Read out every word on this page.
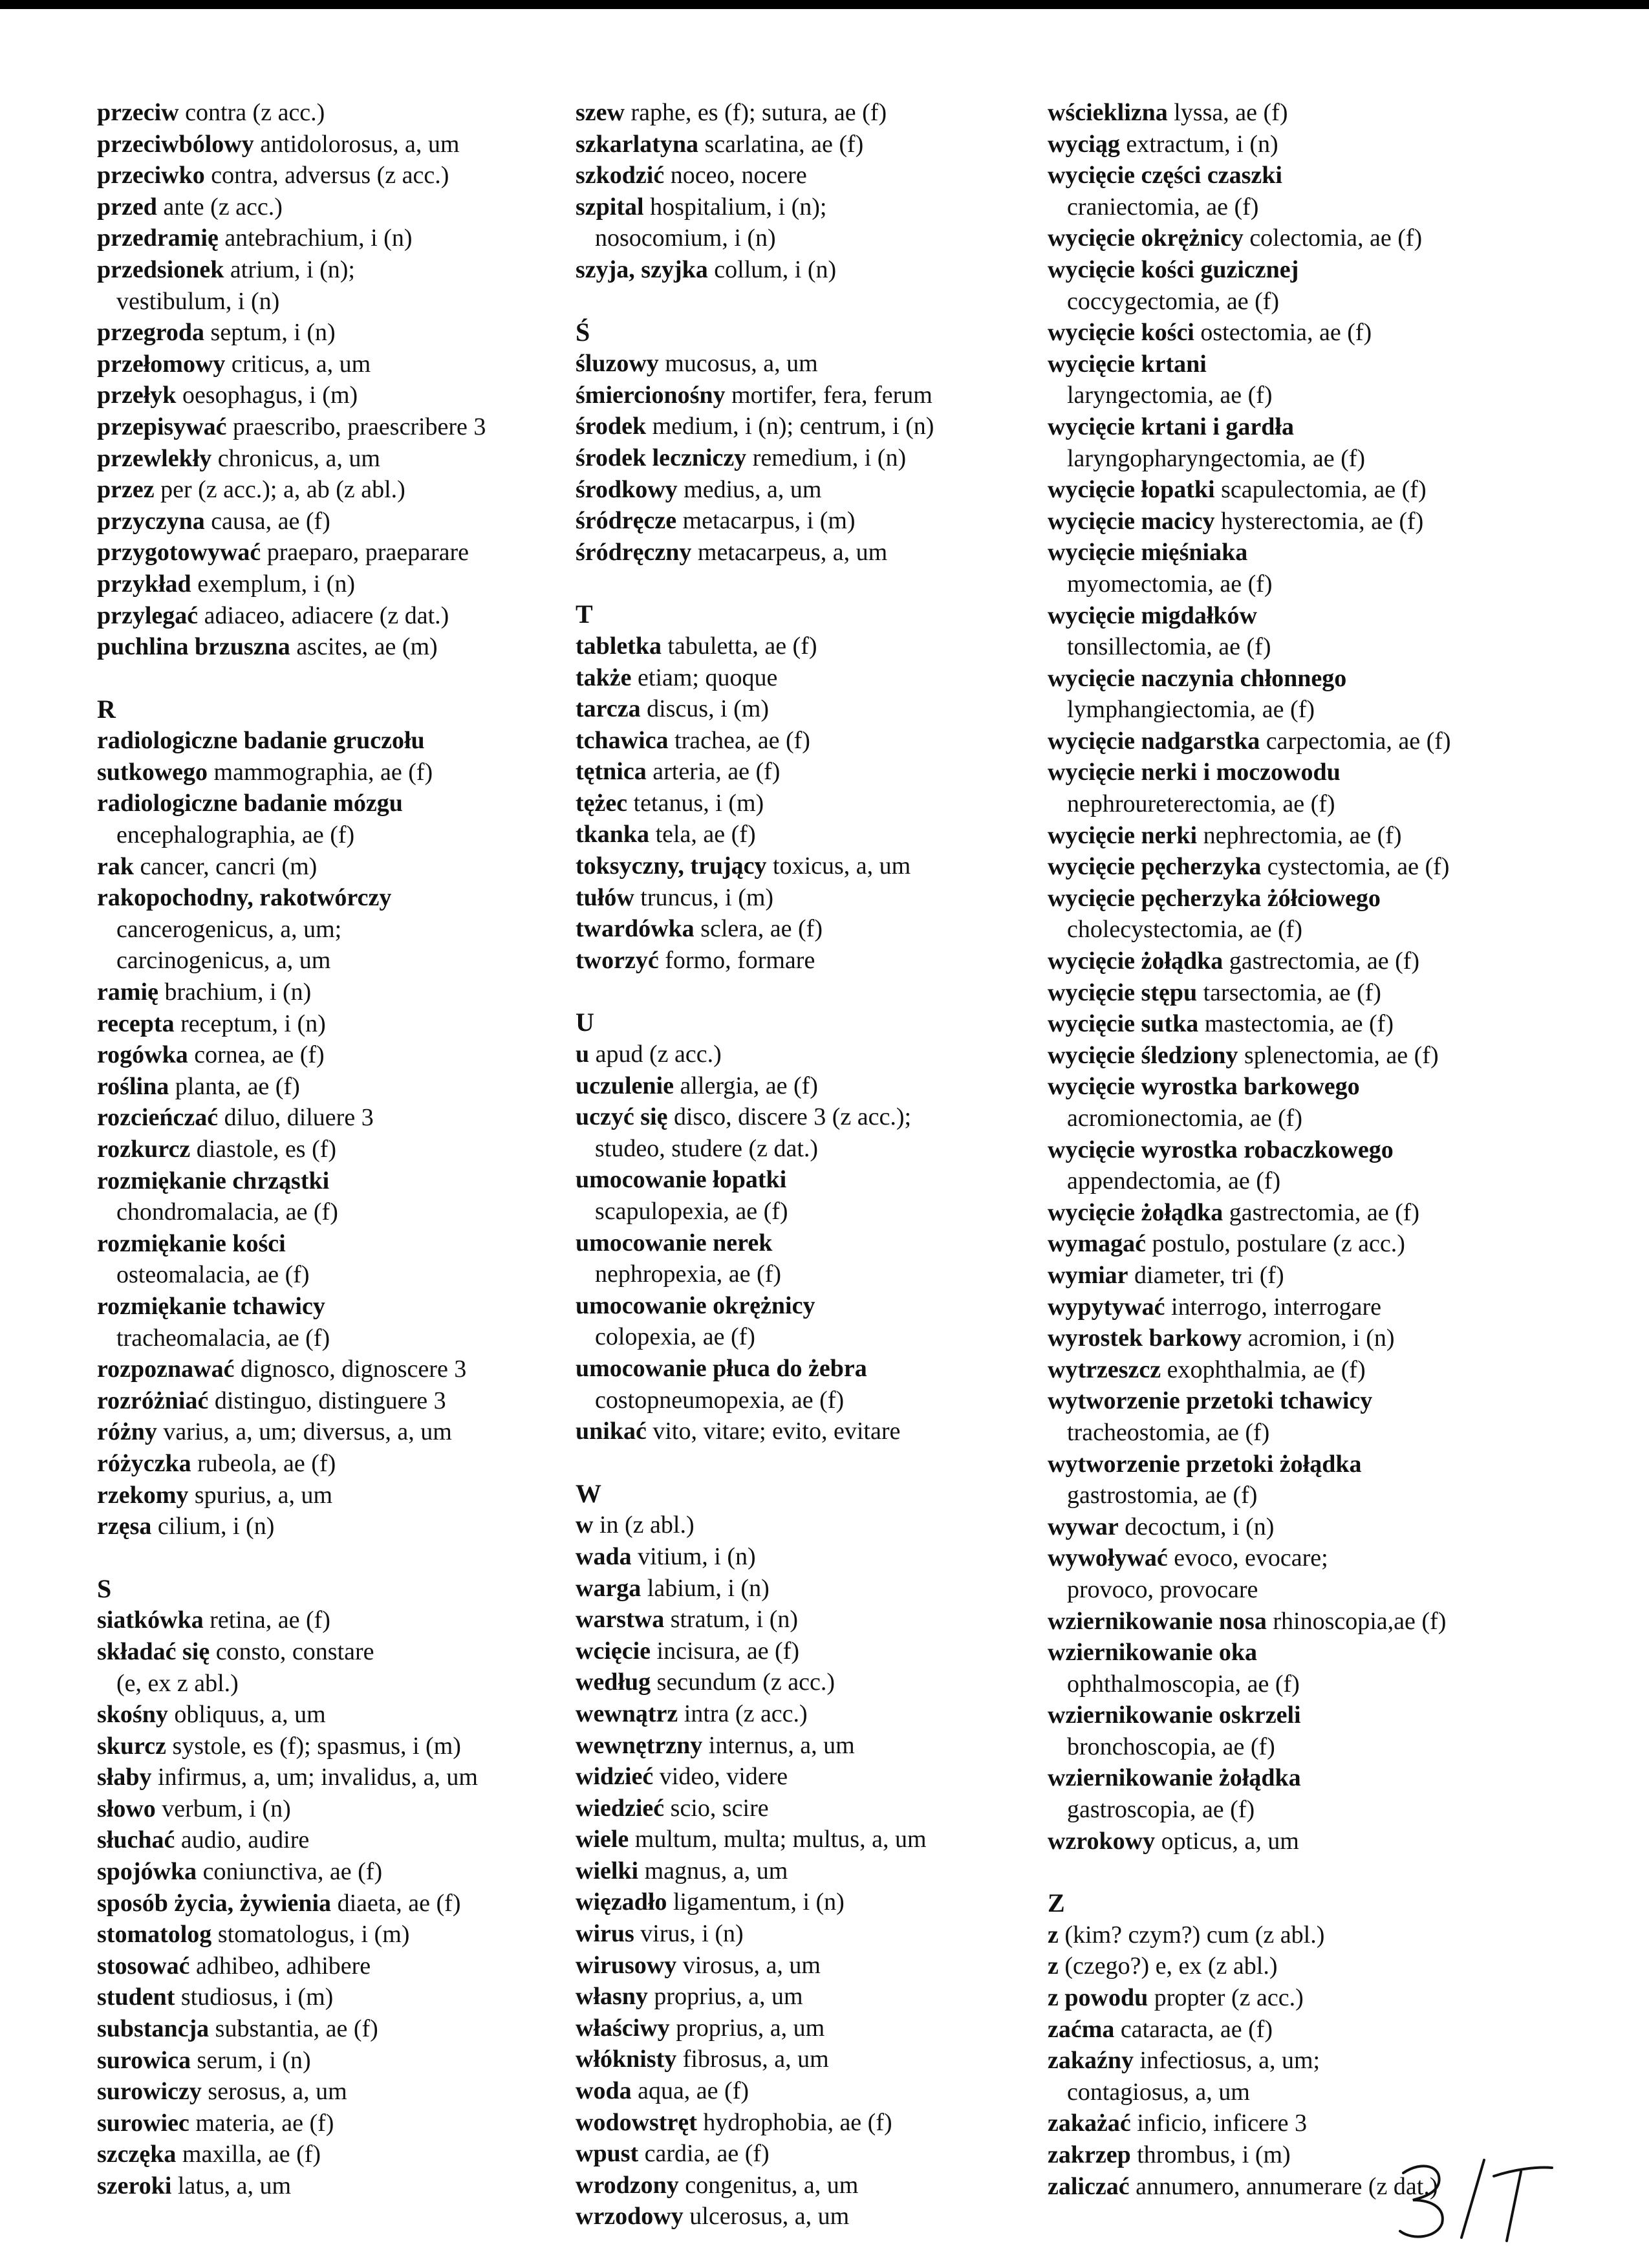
przeciw contra (z acc.)
przeciwbólowy antidolorosus, a, um
przeciwko contra, adversus (z acc.)
przed ante (z acc.)
przedramię antebrachium, i (n)
przedsionek atrium, i (n);
vestibulum, i (n)
przegroda septum, i (n)
przełomowy criticus, a, um
przełyk oesophagus, i (m)
przepisywać praescribo, praescribere 3
przewlekły chronicus, a, um
przez per (z acc.); a, ab (z abl.)
przyczyna causa, ae (f)
przygotowywać praeparo, praeparare
przykład exemplum, i (n)
przylegać adiaceo, adiacere (z dat.)
puchlina brzuszna ascites, ae (m)
R
radiologiczne badanie gruczołu
sutkowego mammographia, ae (f)
radiologiczne badanie mózgu
encephalographia, ae (f)
rak cancer, cancri (m)
rakopochodny, rakotwórczy
cancerogenicus, a, um;
carcinogenicus, a, um
ramię brachium, i (n)
recepta receptum, i (n)
rogówka cornea, ae (f)
roślina planta, ae (f)
rozcieńczać diluo, diluere 3
rozkurcz diastole, es (f)
rozmiękanie chrząstki
chondromalacia, ae (f)
rozmiękanie kości
osteomalacia, ae (f)
rozmiękanie tchawicy
tracheomalacia, ae (f)
rozpoznawać dignosco, dignoscere 3
rozróżniać distinguo, distinguere 3
różny varius, a, um; diversus, a, um
różyczka rubeola, ae (f)
rzekomy spurius, a, um
rzęsa cilium, i (n)
S
siatkówka retina, ae (f)
składać się consto, constare
(e, ex z abl.)
skośny obliquus, a, um
skurcz systole, es (f); spasmus, i (m)
słaby infirmus, a, um; invalidus, a, um
słowo verbum, i (n)
słuchać audio, audire
spojówka coniunctiva, ae (f)
sposób życia, żywienia diaeta, ae (f)
stomatolog stomatologus, i (m)
stosować adhibeo, adhibere
student studiosus, i (m)
substancja substantia, ae (f)
surowica serum, i (n)
surowiczy serosus, a, um
surowiec materia, ae (f)
szczęka maxilla, ae (f)
szeroki latus, a, um
szew raphe, es (f); sutura, ae (f)
szkarlatyna scarlatina, ae (f)
szkodzić noceo, nocere
szpital hospitalium, i (n);
nosocomium, i (n)
szyja, szyjka collum, i (n)
Ś
śluzowy mucosus, a, um
śmiercionośny mortifer, fera, ferum
środek medium, i (n); centrum, i (n)
środek leczniczy remedium, i (n)
środkowy medius, a, um
śródręcze metacarpus, i (m)
śródręczny metacarpeus, a, um
T
tabletka tabuletta, ae (f)
także etiam; quoque
tarcza discus, i (m)
tchawica trachea, ae (f)
tętnica arteria, ae (f)
tężec tetanus, i (m)
tkanka tela, ae (f)
toksyczny, trujący toxicus, a, um
tułów truncus, i (m)
twardówka sclera, ae (f)
tworzyć formo, formare
U
u apud (z acc.)
uczulenie allergia, ae (f)
uczyć się disco, discere 3 (z acc.);
studeo, studere (z dat.)
umocowanie łopatki
scapulopexia, ae (f)
umocowanie nerek
nephropexia, ae (f)
umocowanie okrężnicy
colopexia, ae (f)
umocowanie płuca do żebra
costopneumopexia, ae (f)
unikać vito, vitare; evito, evitare
W
w in (z abl.)
wada vitium, i (n)
warga labium, i (n)
warstwa stratum, i (n)
wcięcie incisura, ae (f)
według secundum (z acc.)
wewnątrz intra (z acc.)
wewnętrzny internus, a, um
widzieć video, videre
wiedzieć scio, scire
wiele multum, multa; multus, a, um
wielki magnus, a, um
więzadło ligamentum, i (n)
wirus virus, i (n)
wirusowy virosus, a, um
własny proprius, a, um
właściwy proprius, a, um
włóknisty fibrosus, a, um
woda aqua, ae (f)
wodowstręt hydrophobia, ae (f)
wpust cardia, ae (f)
wrodzony congenitus, a, um
wrzodowy ulcerosus, a, um
wścieklizna lyssa, ae (f)
wyciąg extractum, i (n)
wycięcie części czaszki
craniectomia, ae (f)
wycięcie okrężnicy colectomia, ae (f)
wycięcie kości guzicznej
coccygectomia, ae (f)
wycięcie kości ostectomia, ae (f)
wycięcie krtani
laryngectomia, ae (f)
wycięcie krtani i gardła
laryngopharyngectomia, ae (f)
wycięcie łopatki scapulectomia, ae (f)
wycięcie macicy hysterectomia, ae (f)
wycięcie mięśniaka
myomectomia, ae (f)
wycięcie migdałków
tonsillectomia, ae (f)
wycięcie naczynia chłonnego
lymphangiectomia, ae (f)
wycięcie nadgarstka carpectomia, ae (f)
wycięcie nerki i moczowodu
nephroureterectomia, ae (f)
wycięcie nerki nephrectomia, ae (f)
wycięcie pęcherzyka cystectomia, ae (f)
wycięcie pęcherzyka żółciowego
cholecystectomia, ae (f)
wycięcie żołądka gastrectomia, ae (f)
wycięcie stępu tarsectomia, ae (f)
wycięcie sutka mastectomia, ae (f)
wycięcie śledziony splenectomia, ae (f)
wycięcie wyrostka barkowego
acromionectomia, ae (f)
wycięcie wyrostka robaczkowego
appendectomia, ae (f)
wycięcie żołądka gastrectomia, ae (f)
wymagać postulo, postulare (z acc.)
wymiar diameter, tri (f)
wypytywać interrogo, interrogare
wyrostek barkowy acromion, i (n)
wytrzeszcz exophthalmia, ae (f)
wytworzenie przetoki tchawicy
tracheostomia, ae (f)
wytworzenie przetoki żołądka
gastrostomia, ae (f)
wywar decoctum, i (n)
wywoływać evoco, evocare;
provoco, provocare
wziernikowanie nosa rhinoscopia,ae (f)
wziernikowanie oka
ophthalmoscopia, ae (f)
wziernikowanie oskrzeli
bronchoscopia, ae (f)
wziernikowanie żołądka
gastroscopia, ae (f)
wzrokowy opticus, a, um
Z
z (kim? czym?) cum (z abl.)
z (czego?) e, ex (z abl.)
z powodu propter (z acc.)
zaćma cataracta, ae (f)
zakaźny infectiosus, a, um;
contagiosus, a, um
zakażać inficio, inficere 3
zakrzep thrombus, i (m)
zaliczać annumero, annumerare (z dat.)
